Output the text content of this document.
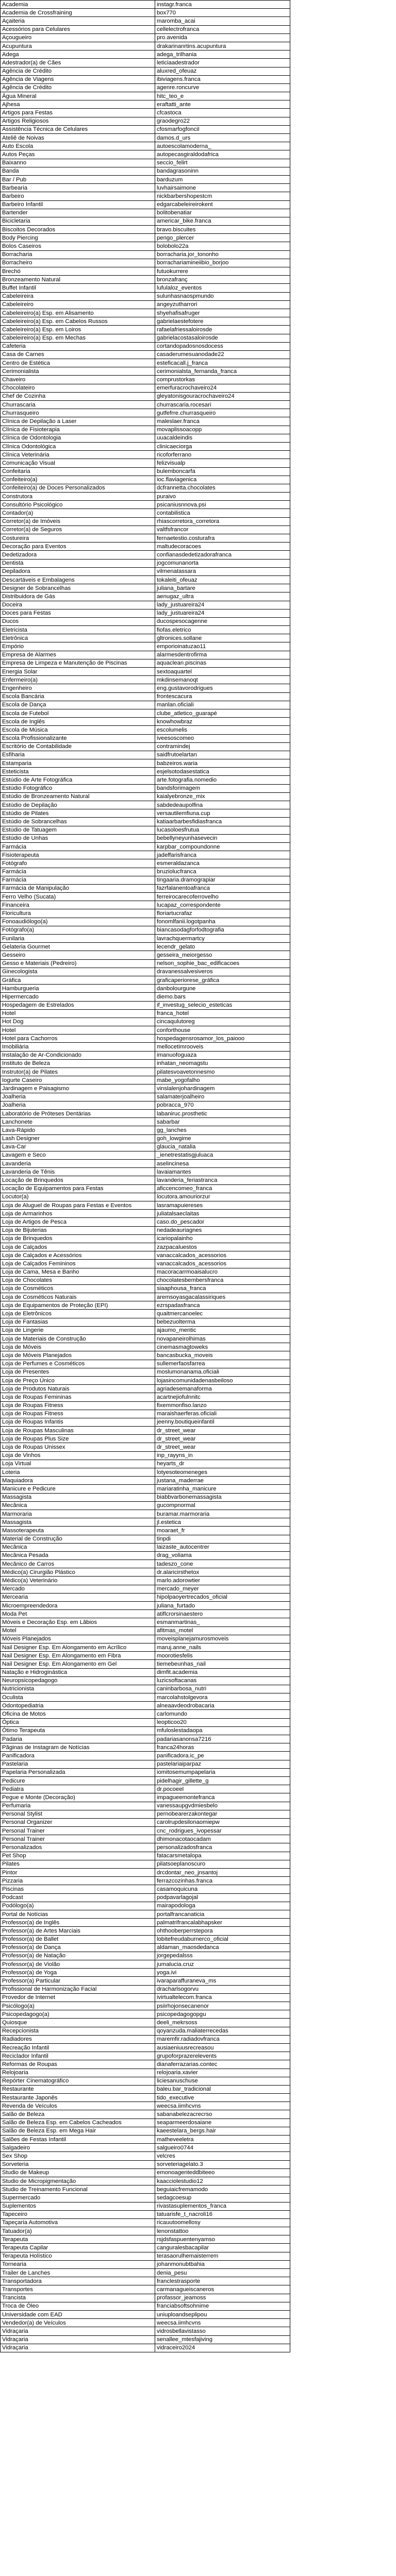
Academia	instagr.franca
Academia de Crossfraining	box770
Açaiteria	maromba_acai
Acessórios para Celulares	cellelectrofranca
Açougueiro	pro.avenida
Acupuntura	drakarinanrtins.acupuntura
Adega	adega_trilhania
Adestrador(a) de Cães	leticiaadestrador
Agência de Crédito	aluxred_ofeuaz
Agência de Viagens	ibiviagens.franca
Agência de Crédito	agenre.roncurve
Água Mineral	hitc_teo_e
Ajhesa	eraftatti_ante
Artigos para Festas	cfcastoca
Artigos Religiosos	graodegro22
Assistência Técnica de Celulares	cfosmarfogfonciI
Ateliê de Noivas	damos.d_urs
Auto Escola	autoescolamoderna_
Autos Peças	autopecasgiraldodafrica
Baixanno	seccio_felirt
Banda	bandagrasoninn
Bar / Pub	barduzum
Barbearia	luvhairsaimone
Barbeiro	nickbarbershopestcm
Barbeiro Infantil	edgarcabeleireirokent
Bartender	bolitobenatiar
Bicicletaria	americar_bike.franca
Biscoitos Decorados	bravo.biscuites
Body Piercing	pengo_plercer
Bolos Caseiros	bolobolo22a
Borracharia	borracharia.jor_tononho
Borracheiro	borrachariamineiibio_borjoo
Brechó	futuokurrere
Bronzeamento Natural	bronzafranç
Buffet Infantil	lufulaloz_eventos
Cabeleireira	sulunhasnaospmundo
Cabeleireiro	angeyzutharrori
Cabeleireiro(a) Esp. em Alisamento	shyehafisafruger
Cabeleireiro(a) Esp. em Cabelos Russos	gabrielaestefotere
Cabeleireiro(a) Esp. em Loiros	rafaelafriessaloirosde
Cabeleireiro(a) Esp. em Mechas	gabrielacostasaloirosde
Cafeteria	cortandopadosnosdocess
Casa de Carnes	casaderumesuanodade22
Centro de Estética	esteficacall.j_franca
Cerimonialista	cerimonialsta_fernanda_franca
Chaveiro	comprustorkas
Chocolateiro	emerfuracrochaveiro24
Chef de Cozinha	gleyatonisgouracrochaveiro24
Churrascaria	churrascaria.rocesari
Churrasqueiro	gutfefrre.churrasqueiro
Clínica de Depilação a Laser	maleslaer.franca
Clínica de Fisioterapia	movaplissoacopp
Clínica de Odontologia	uuacaldeindis
Clínica Odontológica	clinicaeciorga
Clínica Veterinária	ricoforferrano
Comunicação Visual	felizvisualp
Confeitaria	bulemboncarfa
Confeiteiro(a)	ioc.flaviagenica
Confeiteiro(a) de Doces Personalizados	dcfrannetta.chocolates
Construtora	puraivo
Consultório Psicológico	psicaniusnnova.psi
Contador(a)	contabilistica
Corretor(a) de Imóveis	rhiascorretora_corretora
Corretor(a) de Seguros	valtfsfrancor
Costureira	fernaetestio.costurafra
Decoração para Eventos	maltudecoracoes
Dedetizadora	confianasdedetizadorafranca
Dentista	jogcomunanorta
Depiladora	vilmenatassara
Descartáveis e Embalagens	tokaleiti_ofeuaz
Designer de Sobrancelhas	juliana_bartare
Distribuidora de Gás	aenugaz_ultra
Doceira	lady_justuareira24
Doces para Festas	lady_justuareira24
Ducos	ducospesocagenne
Eletricista	fiofas.eletrico
Eletrônica	gltronices.sollane
Empório	emporioinatuzao11
Empresa de Alarmes	alarmesdentrofirma
Empresa de Limpeza e Manutenção de Piscinas	aquaclean.piscinas
Energia Solar	sextoaquartel
Enfermeiro(a)	mkdinsemanoqt
Engenheiro	eng.gustavorodrigues
Escola Bancária	frontescacura
Escola de Dança	manlan.oficiali
Escola de Futebol	clube_atletico_guarapé
Escola de Inglês	knowhowbraz
Escola de Música	escolumelis
Escola Profissionalizante	iveesoscomeo
Escritório de Contabilidade	contramindej
Esfiharia	saidfrutoelartan
Estamparia	babzeiros.waria
Esteticista	esjelsotodasestatica
Estúdio de Arte Fotográfica	arte.fotografia.nomedio
Estúdio Fotográfico	bandsforimagem
Estúdio de Bronzeamento Natural	kaialyebronze_mix
Estúdio de Depilação	sabdedeaupolfina
Estúdio de Pilates	versautilemfiuna.cup
Estúdio de Sobrancelhas	katiaarbarbesfidiasfranca
Estúdio de Tatuagem	lucasoloesfrutua
Estúdio de Unhas	bebellyneyunhasevecin
Farmácia	karpbar_compoundonne
Fisioterapeuta	jadeffarisfranca
Fotógrafo	esmeraldazanca
Farmácia	bruziolucfranca
Farmácia	tingaaria.dramograpiar
Farmácia de Manipulação	fazrfalanentoafranca
Ferro Velho (Sucata)	ferreirocarecoferrovelho
Financeira	lucapaz_correspondente
Floricultura	floriartucrafaz
Fonoaudiólogo(a)	fonomlfanii.logotpanha
Fotógrafo(a)	biancasodagforfodtografia
Funilaria	lavrachquermartcy
Gelateria Gourmet	lecendr_gelato
Gesseiro	gesseira_meiorgesso
Gesso e Materiais (Pedreiro)	nelson_sophie_bac_edificacoes
Ginecologista	dravanessalvesiveros
Gráfica	graficaperiorese_gráfica
Hamburgueria	danbolourgune
Hipermercado	diemo.bars
Hospedagem de Estrelados	if_investug_selecio_esteticas
Hotel	franca_hotel
Hot Dog	cincaqulutoreg
Hotel	conforthouse
Hotel para Cachorros	hospedagensrosamor_los_paiooo
Imobiliária	mellocetimrooveis
Instalação de Ar-Condicionado	imanuofoguaza
Instituto de Beleza	inhatan_neomagstu
Instrutor(a) de Pilates	pilatesvoavetonnesmo
Iogurte Caseiro	mabe_yogofalho
Jardinagem e Paisagismo	vinslalenjohardinagem
Joalheria	salamaterjoalheiro
Joalheria	pobracca_970
Laboratório de Próteses Dentárias	labaniruc.prosthetic
Lanchonete	sabarbar
Lava-Rápido	gg_lanches
Lash Designer	goh_lowgime
Lava-Car	glaucia_natalia
Lavagem e Seco	_ienetrestatisgjuluaca
Lavanderia	aselincinesa
Lavanderia de Tênis	lavaiamantes
Locação de Brinquedos	lavanderia_feriastranca
Locação de Equipamentos para Festas	aficcencomeo_franca
Locutor(a)	locutora.amouriorzur
Loja de Aluguel de Roupas para Festas e Eventos	lasramapuiereses
Loja de Armarinhos	juliatalsaeclaitas
Loja de Artigos de Pesca	caso.do_pescador
Loja de Bijuterias	nedadeauriagnes
Loja de Brinquedos	icariopalainho
Loja de Calçados	zazpacaluestos
Loja de Calçados e Acessórios	vanaccalcados_acessorios
Loja de Calçados Femininos	vanaccalcados_acessorios
Loja de Cama, Mesa e Banho	macoracarrmoaisalucro
Loja de Chocolates	chocolatesbembersfranca
Loja de Cosméticos	siaaphousa_franca
Loja de Cosméticos Naturais	aremsoyasgacalassiriques
Loja de Equipamentos de Proteção (EPI)	ezrspadasfranca
Loja de Eletrônicos	quaitmercanoelec
Loja de Fantasias	bebezuolterma
Loja de Lingerie	ajaumo_mentic
Loja de Materiais de Construção	novapaneirolhimas
Loja de Móveis	cinemasmagtoweks
Loja de Móveis Planejados	bancasbucka_moveis
Loja de Perfumes e Cosméticos	sullemerfaosfarrea
Loja de Presentes	moslumonanama.oficiali
Loja de Preço Único	lojasincomunidadenasbeiloso
Loja de Produtos Naturais	agriadesemanaforma
Loja de Roupas Femininas	acartnejiofulnnitc
Loja de Roupas Fitness	fixemmonfiso.lanzo
Loja de Roupas Fitness	maraishaerferas.oficiali
Loja de Roupas Infantis	jeenny.boutiqueinfantil
Loja de Roupas Masculinas	dr_street_wear
Loja de Roupas Plus Size	dr_street_wear
Loja de Roupas Unissex	dr_street_wear
Loja de Vinhos	inp_rayyns_in
Loja Virtual	heyarts_dr
Loteria	lotyesoteomeneges
Maquiadora	justana_maderrae
Manicure e Pedicure	mariaratinha_manicure
Massagista	biabbvarbonemassagista
Mecânica	gucompnormal
Marmoraria	buramar.marmoraria
Massagista	jl.estetica
Massoterapeuta	moaraet_fr
Material de Construção	tinpdi
Mecânica	laizaste_autocentrer
Mecânica Pesada	drag_voliama
Mecânico de Carros	tadeszo_cone
Médico(a) Cirurgião Plástico	dr.alaricirsthetox
Médico(a) Veterinário	marlo.adorowtier
Mercado	mercado_meyer
Mercearia	hipolpaoyertrecados_oficial
Microempreendedora	juliana_furtado
Moda Pet	atiflcrorsinaestero
Móveis e Decoração Esp. em Lâbios	esmanmartinas_
Motel	afitmas_motel
Móveis Planejados	moveisplanejamurosmoveis
Nail Designer Esp. Em Alongamento em Acrílico	maruj.anne_nails
Nail Designer Esp. Em Alongamento em Fibra	moorotiesfelis
Nail Designer Esp. Em Alongamento em Gel	tiemebeunhas_nail
Natação e Hidroginástica	dimfit.academia
Neuropsicopedagogo	luzicsoftacanas
Nutricionista	caninbarbosa_nutri
Oculista	marcolahstolgevora
Odontopediatria	alneaavdeodrobacaria
Oficina de Motos	carlomundo
Óptica	leopticoo20
Ótimo Terapeuta	mfuloslestadaopa
Padaria	padariasanonsa7216
Pãginas de Instagram de Notícias	franca24horas
Panificadora	panificadora.ic_pe
Pastelaria	pastelariaiparpaz
Papelaria Personalizada	iomitosemumpapelaria
Pedicure	pidelhagir_gillette_g
Pediatra	dr.pocoeel
Pegue e Monte (Decoração)	impagueemontefranca
Perfumaria	vanessaupgvdmiesbelo
Personal Stylist	pernobearerzakontegar
Personal Organizer	carolrupdesilonaomiepw
Personal Trainer	cnc_rodrigues_ivopessar
Personal Trainer	dhimonacotaocadam
Personalizados	personalizadosfranca
Pet Shop	fatacarsmetalopa
Pilates	pilatsoeplanoscuro
Pintor	drcdontar_neo_jnsantoj
Pizzaria	ferrazcozinhas.franca
Piscinas	casamoquicuna
Podcast	podpavarlagojal
Podólogo(a)	mairapodologa
Portal de Notícias	portalfrancanaticia
Professor(a) de Inglês	palmatrifrancalabhapsker
Professor(a) de Artes Marciais	ohthooberperrstepora
Professor(a) de Ballet	lobitefreudaburnerco_oficial
Professor(a) de Dança	aldaman_maosdedanca
Professor(a) de Natação	jorgepedalsss
Professor(a) de Violão	jumalucia.cruz
Professor(a) de Yoga	yoga.ivi
Professor(a) Particular	ivaraparaffuraneva_ms
Profissional de Harmonização Facial	dracharlsogorvu
Provedor de Internet	ivirtualtelecom.franca
Psicólogo(a)	psiirhojonsecanenor
Psicopedagogo(a)	psicopedagogopgu
Quiosque	deeli_mekrsoss
Recepcionista	qoyanzuda.maliaterrecedas
Radiadores	maremfir.radiadovfranca
Recreação Infantil	ausiaeniuusrecreasou
Reciclador Infantil	grupoforprazerelevents
Reformas de Roupas	dianaferrazarias.contec
Relojoaria	relojoaria.xavier
Repórter Cinematográfico	liciesanuschuse
Restaurante	baleu.bar_tradicional
Restaurante Japonês	tido_executive
Revenda de Veículos	weecsa.iimhcvns
Salão de Beleza	sabanabelezacrecrso
Salão de Beleza Esp. em Cabelos Cacheados	seaparmeerdosaiane
Salão de Beleza Esp. em Mega Hair	kaeestelara_bergs.hair
Salões de Festas Infantil	matheveeletra
Salgadeiro	salgueiro0744
Sex Shop	velcres
Sorveteria	sorveteriagelato.3
Studio de Makeup	emonoagenteddbiteeo
Studio de Micropigmentação	kaacciolestudio12
Studio de Treinamento Funcional	beguiaicfremamodo
Supermercado	sedagcoesup
Suplementos	rivastasuplementos_franca
Tapeceiro	tatuarisfe_t_nacroli16
Tapeçaria Automotiva	ricauutoomellosy
Tatuador(a)	lenonstattoo
Terapeuta	rsjdsfaspuentenyamso
Terapeuta Capilar	canguralesbacapilar
Terapeuta Holístico	terasaorulhemaisterrem
Tornearia	johanmonubtbahia
Trailer de Lanches	denia_pesu
Transportadora	franclestrasporte
Transportes	carmanagueiscaneros
Trancista	profassor_jeamoss
Troca de Óleo	franciabsoftsohnime
Universidade com EAD	uniuploandseplipou
Vendedor(a) de Veículos	weecsa.iimhcvns
Vidraçaria	vidrosbellavistasso
Vidraçaria	senallee_mtesfajiving
Vidraçaria	vidraceiro2024
